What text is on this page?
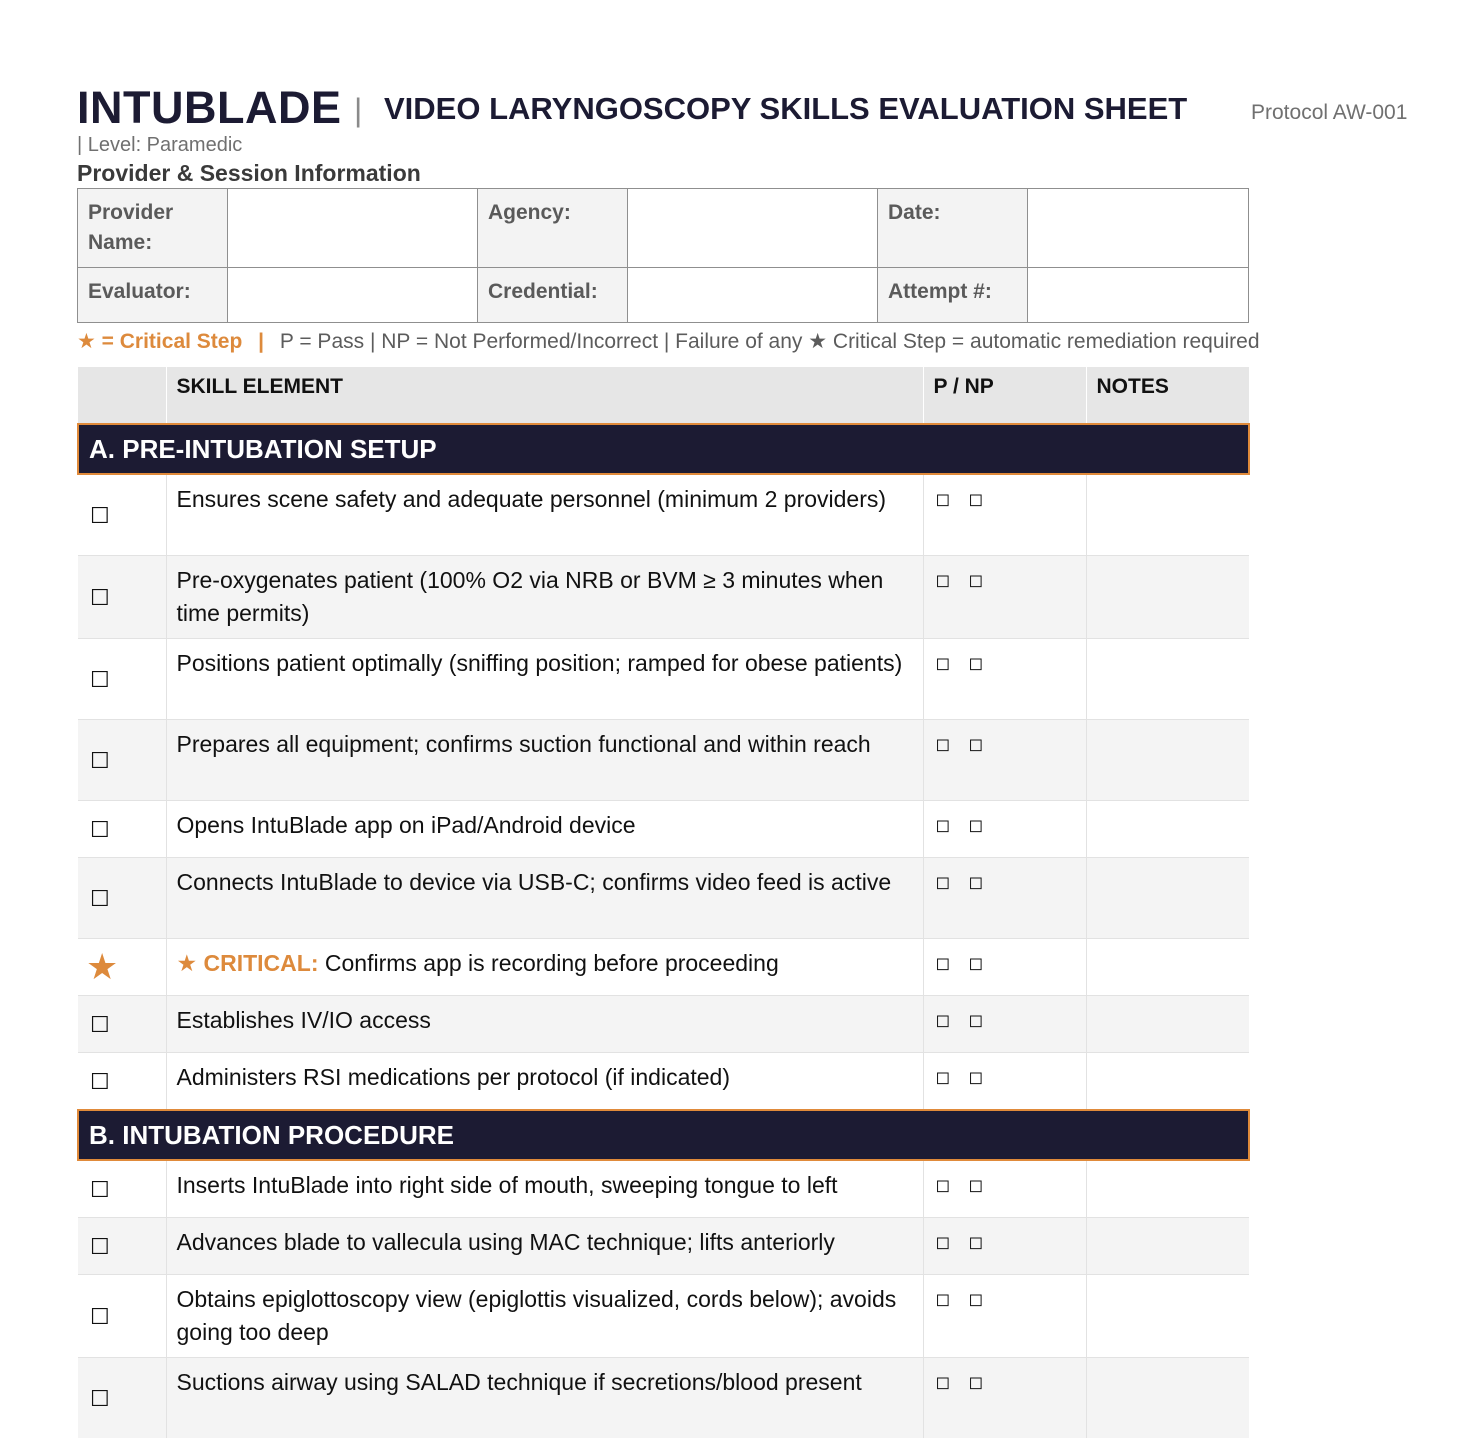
INTUBLADE | VIDEO LARYNGOSCOPY SKILLS EVALUATION SHEET	Protocol AW-001
| Level: Paramedic
Provider & Session Information
Provider Name:		Agency:		Date:	
Evaluator:		Credential:		Attempt #:	
★ = Critical Step | P = Pass | NP = Not Performed/Incorrect | Failure of any ★ Critical Step = automatic remediation required
	SKILL ELEMENT	P / NP	NOTES
A. PRE-INTUBATION SETUP			
☐	Ensures scene safety and adequate personnel (minimum 2 providers)	◻ ◻	
☐	Pre-oxygenates patient (100% O2 via NRB or BVM ≥ 3 minutes when time permits)	◻ ◻	
☐	Positions patient optimally (sniffing position; ramped for obese patients)	◻ ◻	
☐	Prepares all equipment; confirms suction functional and within reach	◻ ◻	
☐	Opens IntuBlade app on iPad/Android device	◻ ◻	
☐	Connects IntuBlade to device via USB-C; confirms video feed is active	◻ ◻	
★	★ CRITICAL: Confirms app is recording before proceeding	◻ ◻	
☐	Establishes IV/IO access	◻ ◻	
☐	Administers RSI medications per protocol (if indicated)	◻ ◻	
B. INTUBATION PROCEDURE			
☐	Inserts IntuBlade into right side of mouth, sweeping tongue to left	◻ ◻	
☐	Advances blade to vallecula using MAC technique; lifts anteriorly	◻ ◻	
☐	Obtains epiglottoscopy view (epiglottis visualized, cords below); avoids going too deep	◻ ◻	
☐	Suctions airway using SALAD technique if secretions/blood present	◻ ◻	
